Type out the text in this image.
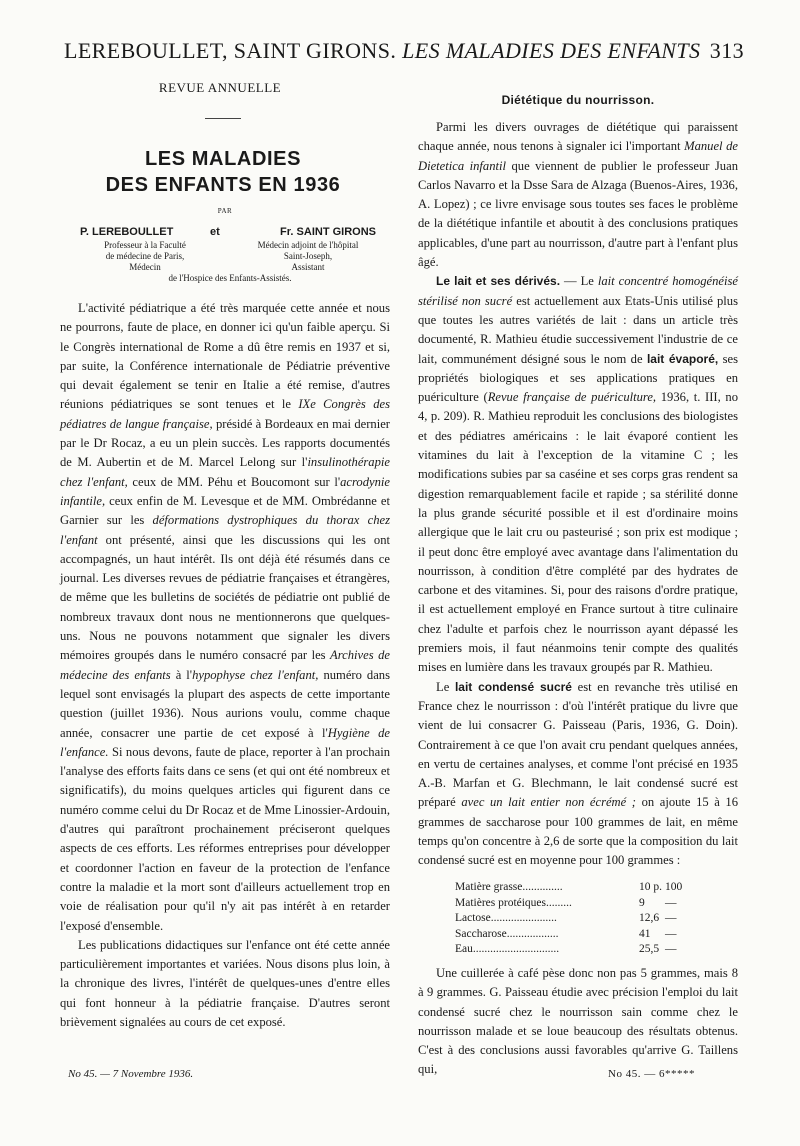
LEREBOULLET, SAINT GIRONS. LES MALADIES DES ENFANTS 313
REVUE ANNUELLE
LES MALADIES
DES ENFANTS EN 1936
PAR
P. LEREBOULLET	et	Fr. SAINT GIRONS
Professeur à la Faculté
de médecine de Paris,
Médecin
Médecin adjoint de l'hôpital
Saint-Joseph,
Assistant
de l'Hospice des Enfants-Assistés.

L'activité pédiatrique a été très marquée cette année et nous ne pourrons, faute de place, en donner ici qu'un faible aperçu. Si le Congrès international de Rome a dû être remis en 1937 et si, par suite, la Conférence internationale de Pédiatrie préventive qui devait également se tenir en Italie a été remise, d'autres réunions pédiatriques se sont tenues et le IXe Congrès des pédiatres de langue française, présidé à Bordeaux en mai dernier par le Dr Rocaz, a eu un plein succès. Les rapports documentés de M. Aubertin et de M. Marcel Lelong sur l'insulinothérapie chez l'enfant, ceux de MM. Péhu et Boucomont sur l'acrodynie infantile, ceux enfin de M. Levesque et de MM. Ombrédanne et Garnier sur les déformations dystrophiques du thorax chez l'enfant ont présenté, ainsi que les discussions qui les ont accompagnés, un haut intérêt. Ils ont déjà été résumés dans ce journal. Les diverses revues de pédiatrie françaises et étrangères, de même que les bulletins de sociétés de pédiatrie ont publié de nombreux travaux dont nous ne mentionnerons que quelques-uns. Nous ne pouvons notamment que signaler les divers mémoires groupés dans le numéro consacré par les Archives de médecine des enfants à l'hypophyse chez l'enfant, numéro dans lequel sont envisagés la plupart des aspects de cette importante question (juillet 1936). Nous aurions voulu, comme chaque année, consacrer une partie de cet exposé à l'Hygiène de l'enfance. Si nous devons, faute de place, reporter à l'an prochain l'analyse des efforts faits dans ce sens (et qui ont été nombreux et significatifs), du moins quelques articles qui figurent dans ce numéro comme celui du Dr Rocaz et de Mme Linossier-Ardouin, d'autres qui paraîtront prochainement préciseront quelques aspects de ces efforts. Les réformes entreprises pour développer et coordonner l'action en faveur de la protection de l'enfance contre la maladie et la mort sont d'ailleurs actuellement trop en voie de réalisation pour qu'il n'y ait pas intérêt à en retarder l'exposé d'ensemble.

Les publications didactiques sur l'enfance ont été cette année particulièrement importantes et variées. Nous disons plus loin, à la chronique des livres, l'intérêt de quelques-unes d'entre elles qui font honneur à la pédiatrie française. D'autres seront brièvement signalées au cours de cet exposé.

Diététique du nourrisson.

Parmi les divers ouvrages de diététique qui paraissent chaque année, nous tenons à signaler ici l'important Manuel de Dietetica infantil que viennent de publier le professeur Juan Carlos Navarro et la Dsse Sara de Alzaga (Buenos-Aires, 1936, A. Lopez) ; ce livre envisage sous toutes ses faces le problème de la diététique infantile et aboutit à des conclusions pratiques applicables, d'une part au nourrisson, d'autre part à l'enfant plus âgé.

Le lait et ses dérivés. — Le lait concentré homogénéisé stérilisé non sucré est actuellement aux Etats-Unis utilisé plus que toutes les autres variétés de lait : dans un article très documenté, R. Mathieu étudie successivement l'industrie de ce lait, communément désigné sous le nom de lait évaporé, ses propriétés biologiques et ses applications pratiques en puériculture (Revue française de puériculture, 1936, t. III, no 4, p. 209). R. Mathieu reproduit les conclusions des biologistes et des pédiatres américains : le lait évaporé contient les vitamines du lait à l'exception de la vitamine C ; les modifications subies par sa caséine et ses corps gras rendent sa digestion remarquablement facile et rapide ; sa stérilité donne la plus grande sécurité possible et il est d'ordinaire moins allergique que le lait cru ou pasteurisé ; son prix est modique ; il peut donc être employé avec avantage dans l'alimentation du nourrisson, à condition d'être complété par des hydrates de carbone et des vitamines. Si, pour des raisons d'ordre pratique, il est actuellement employé en France surtout à titre culinaire chez l'adulte et parfois chez le nourrisson ayant dépassé les premiers mois, il faut néanmoins tenir compte des qualités mises en lumière dans les travaux groupés par R. Mathieu.

Le lait condensé sucré est en revanche très utilisé en France chez le nourrisson : d'où l'intérêt pratique du livre que vient de lui consacrer G. Paisseau (Paris, 1936, G. Doin). Contrairement à ce que l'on avait cru pendant quelques années, en vertu de certaines analyses, et comme l'ont précisé en 1935 A.-B. Marfan et G. Blechmann, le lait condensé sucré est préparé avec un lait entier non écrémé ; on ajoute 15 à 16 grammes de saccharose pour 100 grammes de lait, en même temps qu'on concentre à 2,6 de sorte que la composition du lait condensé sucré est en moyenne pour 100 grammes :

Matière grasse..............	10 p. 100
Matières protéiques.........	9 —
Lactose.......................	12,6 —
Saccharose..................	41 —
Eau..............................	25,5 —

Une cuillerée à café pèse donc non pas 5 grammes, mais 8 à 9 grammes. G. Paisseau étudie avec précision l'emploi du lait condensé sucré chez le nourrisson sain comme chez le nourrisson malade et se loue beaucoup des résultats obtenus. C'est à des conclusions aussi favorables qu'arrive G. Taillens qui,

No 45. — 7 Novembre 1936.	No 45. — 6*****
